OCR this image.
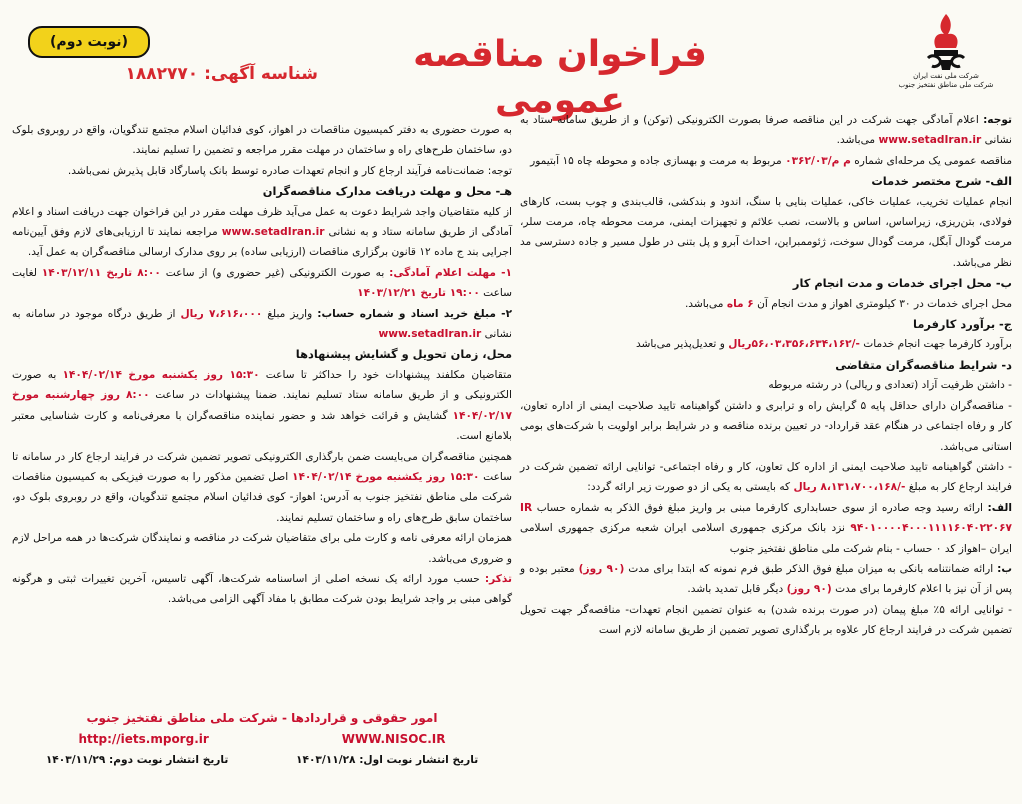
شرکت ملی نفت ایران
شرکت ملی مناطق نفتخیز جنوب
فراخوان مناقصه عمومی
(نوبت دوم)
شناسه آگهی: ۱۸۸۲۷۷۰

توجه: اعلام آمادگی جهت شرکت در این مناقصه صرفا بصورت الکترونیکی (توکن) و از طریق سامانه ستاد به نشانی www.setadIran.ir می‌باشد.

مناقصه عمومی یک مرحله‌ای شماره م م/۰۳۶۲/۰۳ مربوط به مرمت و بهسازی جاده و محوطه چاه ۱۵ آبتیمور

الف- شرح مختصر خدمات

انجام عملیات تخریب، عملیات خاکی، عملیات بنایی با سنگ، اندود و بندکشی، قالب‌بندی و چوب بست، کارهای فولادی، بتن‌ریزی، زیراساس، اساس و بالاست، نصب علائم و تجهیزات ایمنی، مرمت محوطه چاه، مرمت سلر، مرمت گودال آبگل، مرمت گودال سوخت، ژئوممبراین، احداث آبرو و پل بتنی در طول مسیر و جاده دسترسی مد نظر می‌باشد.

ب- محل اجرای خدمات و مدت انجام کار

محل اجرای خدمات در ۳۰ کیلومتری اهواز و مدت انجام آن ۶ ماه می‌باشد.

ج- برآورد کارفرما

برآورد کارفرما جهت انجام خدمات -/۵۶،۰۳،۳۵۶،۶۳۴،۱۶۲ریال و تعدیل‌پذیر می‌باشد

د- شرایط مناقصه‌گران متقاضی

- داشتن ظرفیت آزاد (تعدادی و ریالی) در رشته مربوطه

- مناقصه‌گران دارای حداقل پایه ۵ گرایش راه و ترابری و داشتن گواهینامه تایید صلاحیت ایمنی از اداره تعاون، کار و رفاه اجتماعی در هنگام عقد قرارداد- در تعیین برنده مناقصه و در شرایط برابر اولویت با شرکت‌های بومی استانی می‌باشد.

- داشتن گواهینامه تایید صلاحیت ایمنی از اداره کل تعاون، کار و رفاه اجتماعی- توانایی ارائه تضمین شرکت در فرایند ارجاع کار به مبلغ -/۸،۱۳۱،۷۰۰،۱۶۸ ریال که بایستی به یکی از دو صورت زیر ارائه گردد:

الف: ارائه رسید وجه صادره از سوی حسابداری کارفرما مبنی بر واریز مبلغ فوق الذکر به شماره حساب IR ۹۴۰۱۰۰۰۰۴۰۰۰۱۱۱۱۶۰۴۰۲۲۰۶۷ نزد بانک مرکزی جمهوری اسلامی ایران شعبه مرکزی جمهوری اسلامی ایران –اهواز کد ۰ حساب - بنام شرکت ملی مناطق نفتخیز جنوب

ب: ارائه ضمانتنامه بانکی به میزان مبلغ فوق الذکر طبق فرم نمونه که ابتدا برای مدت (۹۰ روز) معتبر بوده و پس از آن نیز با اعلام کارفرما برای مدت (۹۰ روز) دیگر قابل تمدید باشد.

- توانایی ارائه ۵٪ مبلغ پیمان (در صورت برنده شدن) به عنوان تضمین انجام تعهدات- مناقصه‌گر جهت تحویل تضمین شرکت در فرایند ارجاع کار علاوه بر بارگذاری تصویر تضمین از طریق سامانه لازم است

به صورت حضوری به دفتر کمیسیون مناقصات در اهواز، کوی فدائیان اسلام مجتمع تندگویان، واقع در روبروی بلوک دو، ساختمان طرح‌های راه و ساختمان در مهلت مقرر مراجعه و تضمین را تسلیم نمایند.

توجه: ضمانت‌نامه فرآیند ارجاع کار و انجام تعهدات صادره توسط بانک پاسارگاد قابل پذیرش نمی‌باشد.

هـ- محل و مهلت دریافت مدارک مناقصه‌گران

از کلیه متقاضیان واجد شرایط دعوت به عمل می‌آید ظرف مهلت مقرر در این فراخوان جهت دریافت اسناد و اعلام آمادگی از طریق سامانه ستاد و به نشانی www.setadIran.ir مراجعه نمایند تا ارزیابی‌های لازم وفق آیین‌نامه اجرایی بند ج ماده ۱۲ قانون برگزاری مناقصات (ارزیابی ساده) بر روی مدارک ارسالی مناقصه‌گران به عمل آید.

۱- مهلت اعلام آمادگی: به صورت الکترونیکی (غیر حضوری و) از ساعت ۸:۰۰ تاریخ ۱۴۰۳/۱۲/۱۱ لغایت ساعت ۱۹:۰۰ تاریخ ۱۴۰۳/۱۲/۲۱

۲- مبلغ خرید اسناد و شماره حساب: واریز مبلغ ۷،۶۱۶،۰۰۰ ریال از طریق درگاه موجود در سامانه به نشانی www.setadIran.ir

محل، زمان تحویل و گشایش پیشنهادها

متقاضیان مکلفند پیشنهادات خود را حداکثر تا ساعت ۱۵:۳۰ روز یکشنبه مورخ ۱۴۰۴/۰۲/۱۴ به صورت الکترونیکی و از طریق سامانه ستاد تسلیم نمایند. ضمنا پیشنهادات در ساعت ۸:۰۰ روز چهارشنبه مورخ ۱۴۰۴/۰۲/۱۷ گشایش و قرائت خواهد شد و حضور نماینده مناقصه‌گران با معرفی‌نامه و کارت شناسایی معتبر بلامانع است.

همچنین مناقصه‌گران می‌بایست ضمن بارگذاری الکترونیکی تصویر تضمین شرکت در فرایند ارجاع کار در سامانه تا ساعت ۱۵:۳۰ روز یکشنبه مورخ ۱۴۰۴/۰۲/۱۴ اصل تضمین مذکور را به صورت فیزیکی به کمیسیون مناقصات شرکت ملی مناطق نفتخیز جنوب به آدرس: اهواز- کوی فدائیان اسلام مجتمع تندگویان، واقع در روبروی بلوک دو، ساختمان سابق طرح‌های راه و ساختمان تسلیم نمایند.

همزمان ارائه معرفی نامه و کارت ملی برای متقاضیان شرکت در مناقصه و نمایندگان شرکت‌ها در همه مراحل لازم و ضروری می‌باشد.

تذکر: حسب مورد ارائه یک نسخه اصلی از اساسنامه شرکت‌ها، آگهی تاسیس، آخرین تغییرات ثبتی و هرگونه گواهی مبنی بر واجد شرایط بودن شرکت مطابق با مفاد آگهی الزامی می‌باشد.

امور حقوقی و قراردادها - شرکت ملی مناطق نفتخیز جنوب
http://iets.mporg.ir	WWW.NISOC.IR
تاریخ انتشار نوبت اول: ۱۴۰۳/۱۱/۲۸
تاریخ انتشار نوبت دوم: ۱۴۰۳/۱۱/۲۹
